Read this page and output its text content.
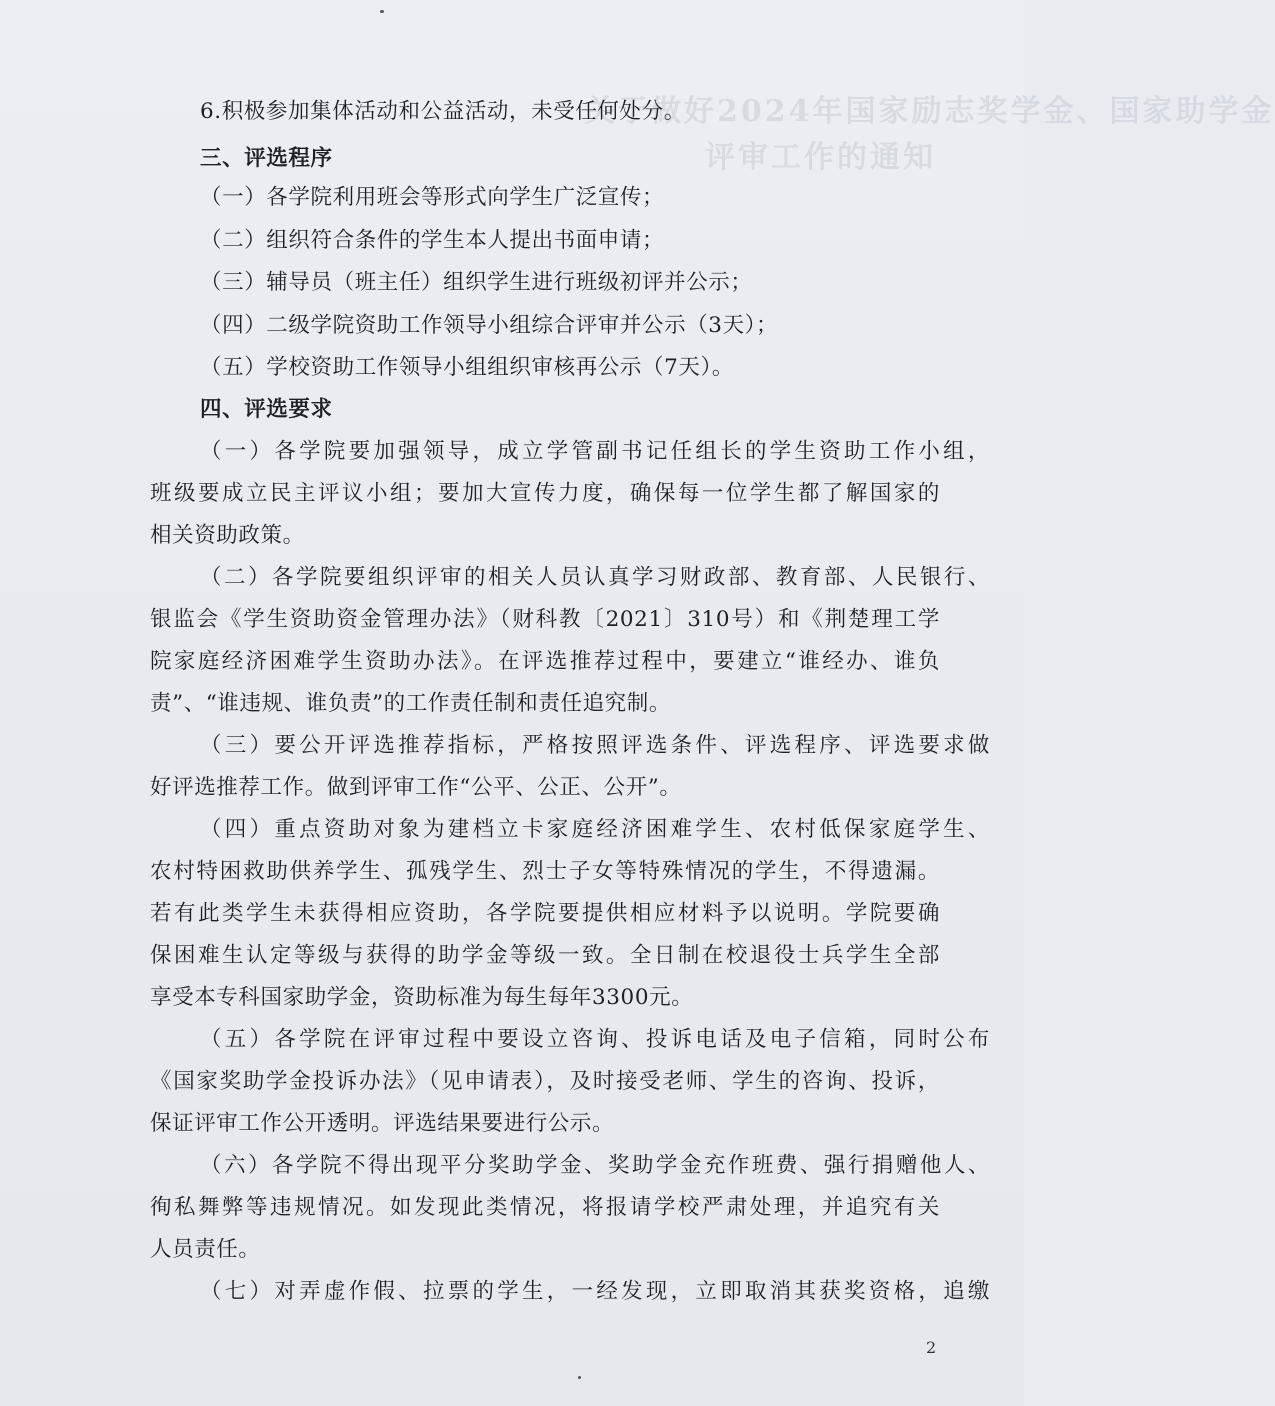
关于做好2024年国家励志奖学金、国家助学金
评审工作的通知
6.积极参加集体活动和公益活动，未受任何处分。
三、评选程序
（一）各学院利用班会等形式向学生广泛宣传；
（二）组织符合条件的学生本人提出书面申请；
（三）辅导员（班主任）组织学生进行班级初评并公示；
（四）二级学院资助工作领导小组综合评审并公示（3天）；
（五）学校资助工作领导小组组织审核再公示（7天）。
四、评选要求
（一）各学院要加强领导，成立学管副书记任组长的学生资助工作小组，
班级要成立民主评议小组；要加大宣传力度，确保每一位学生都了解国家的
相关资助政策。
（二）各学院要组织评审的相关人员认真学习财政部、教育部、人民银行、
银监会《学生资助资金管理办法》（财科教〔2021〕310号）和《荆楚理工学
院家庭经济困难学生资助办法》。在评选推荐过程中，要建立“谁经办、谁负
责”、“谁违规、谁负责”的工作责任制和责任追究制。
（三）要公开评选推荐指标，严格按照评选条件、评选程序、评选要求做
好评选推荐工作。做到评审工作“公平、公正、公开”。
（四）重点资助对象为建档立卡家庭经济困难学生、农村低保家庭学生、
农村特困救助供养学生、孤残学生、烈士子女等特殊情况的学生，不得遗漏。
若有此类学生未获得相应资助，各学院要提供相应材料予以说明。学院要确
保困难生认定等级与获得的助学金等级一致。全日制在校退役士兵学生全部
享受本专科国家助学金，资助标准为每生每年3300元。
（五）各学院在评审过程中要设立咨询、投诉电话及电子信箱，同时公布
《国家奖助学金投诉办法》（见申请表），及时接受老师、学生的咨询、投诉，
保证评审工作公开透明。评选结果要进行公示。
（六）各学院不得出现平分奖助学金、奖助学金充作班费、强行捐赠他人、
徇私舞弊等违规情况。如发现此类情况，将报请学校严肃处理，并追究有关
人员责任。
（七）对弄虚作假、拉票的学生，一经发现，立即取消其获奖资格，追缴
2
